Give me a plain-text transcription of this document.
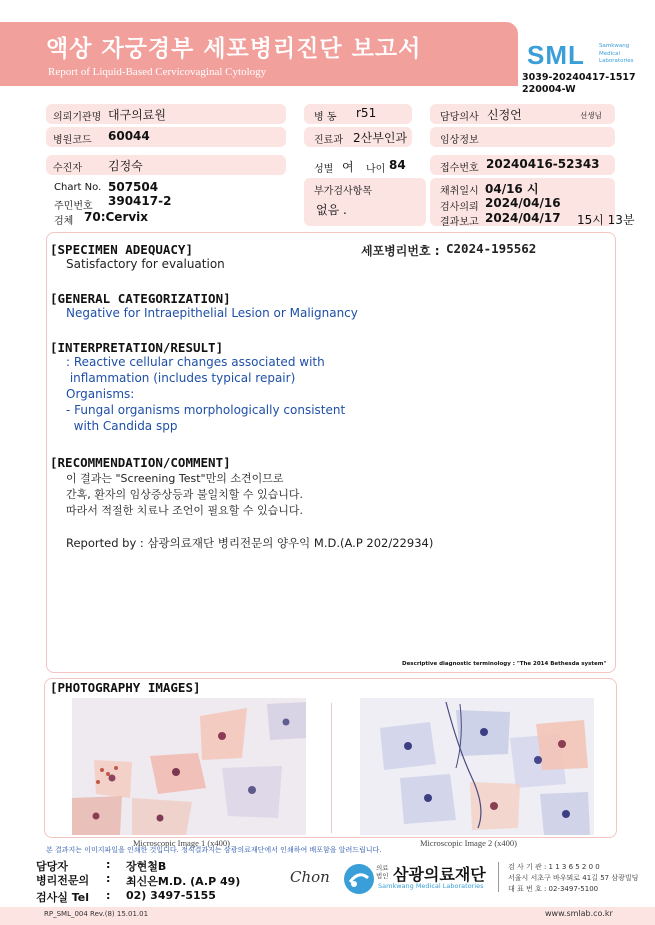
액상 자궁경부 세포병리진단 보고서
Report of Liquid-Based Cervicovaginal Cytology
SML	Samkwang Medical Laboratories
3039-20240417-1517
220004-W
의뢰기관명 대구의료원	병 동 r51	담당의사 신정언	선생님
병원코드 60044	진료과 2산부인과	임상정보
수진자 김정숙	성별 여 나이 84	접수번호 20240416-52343
Chart No. 507504
주민번호 390417-2
검체 70:Cervix
부가검사항목
없음 .
채취일시 04/16 시
검사의뢰 2024/04/16
결과보고 2024/04/17 15시 13분
[SPECIMEN ADEQUACY]
Satisfactory for evaluation
세포병리번호 : C2024-195562
[GENERAL CATEGORIZATION]
Negative for Intraepithelial Lesion or Malignancy
[INTERPRETATION/RESULT]
: Reactive cellular changes associated with
inflammation (includes typical repair)
Organisms:
- Fungal organisms morphologically consistent
with Candida spp
[RECOMMENDATION/COMMENT]
이 결과는 "Screening Test"만의 소견이므로
간혹, 환자의 임상증상등과 불일치할 수 있습니다.
따라서 적절한 치료나 조언이 필요할 수 있습니다.
Reported by : 삼광의료재단 병리전문의 양우익 M.D.(A.P 202/22934)
Descriptive diagnostic terminology : "The 2014 Bethesda system"
[PHOTOGRAPHY IMAGES]
Microscopic Image 1 (x400)	Microscopic Image 2 (x400)
본 결과지는 이미지파일을 인쇄한 것입니다. 정식결과지는 삼광의료재단에서 인쇄하여 배포함을 알려드립니다.
담당자	: 장현철B
병리전문의 : 최신은M.D. (A.P 49)
검사실 Tel : 02) 3497-5155
Chon	의료법인 삼광의료재단
Samkwang Medical Laboratories
검 사 기 관 : 1 1 3 6 5 2 0 0
서울시 서초구 바우뫼로 41길 57 삼광빌딩
대 표 번 호 : 02-3497-5100
RP_SML_004 Rev.(8) 15.01.01	www.smlab.co.kr
